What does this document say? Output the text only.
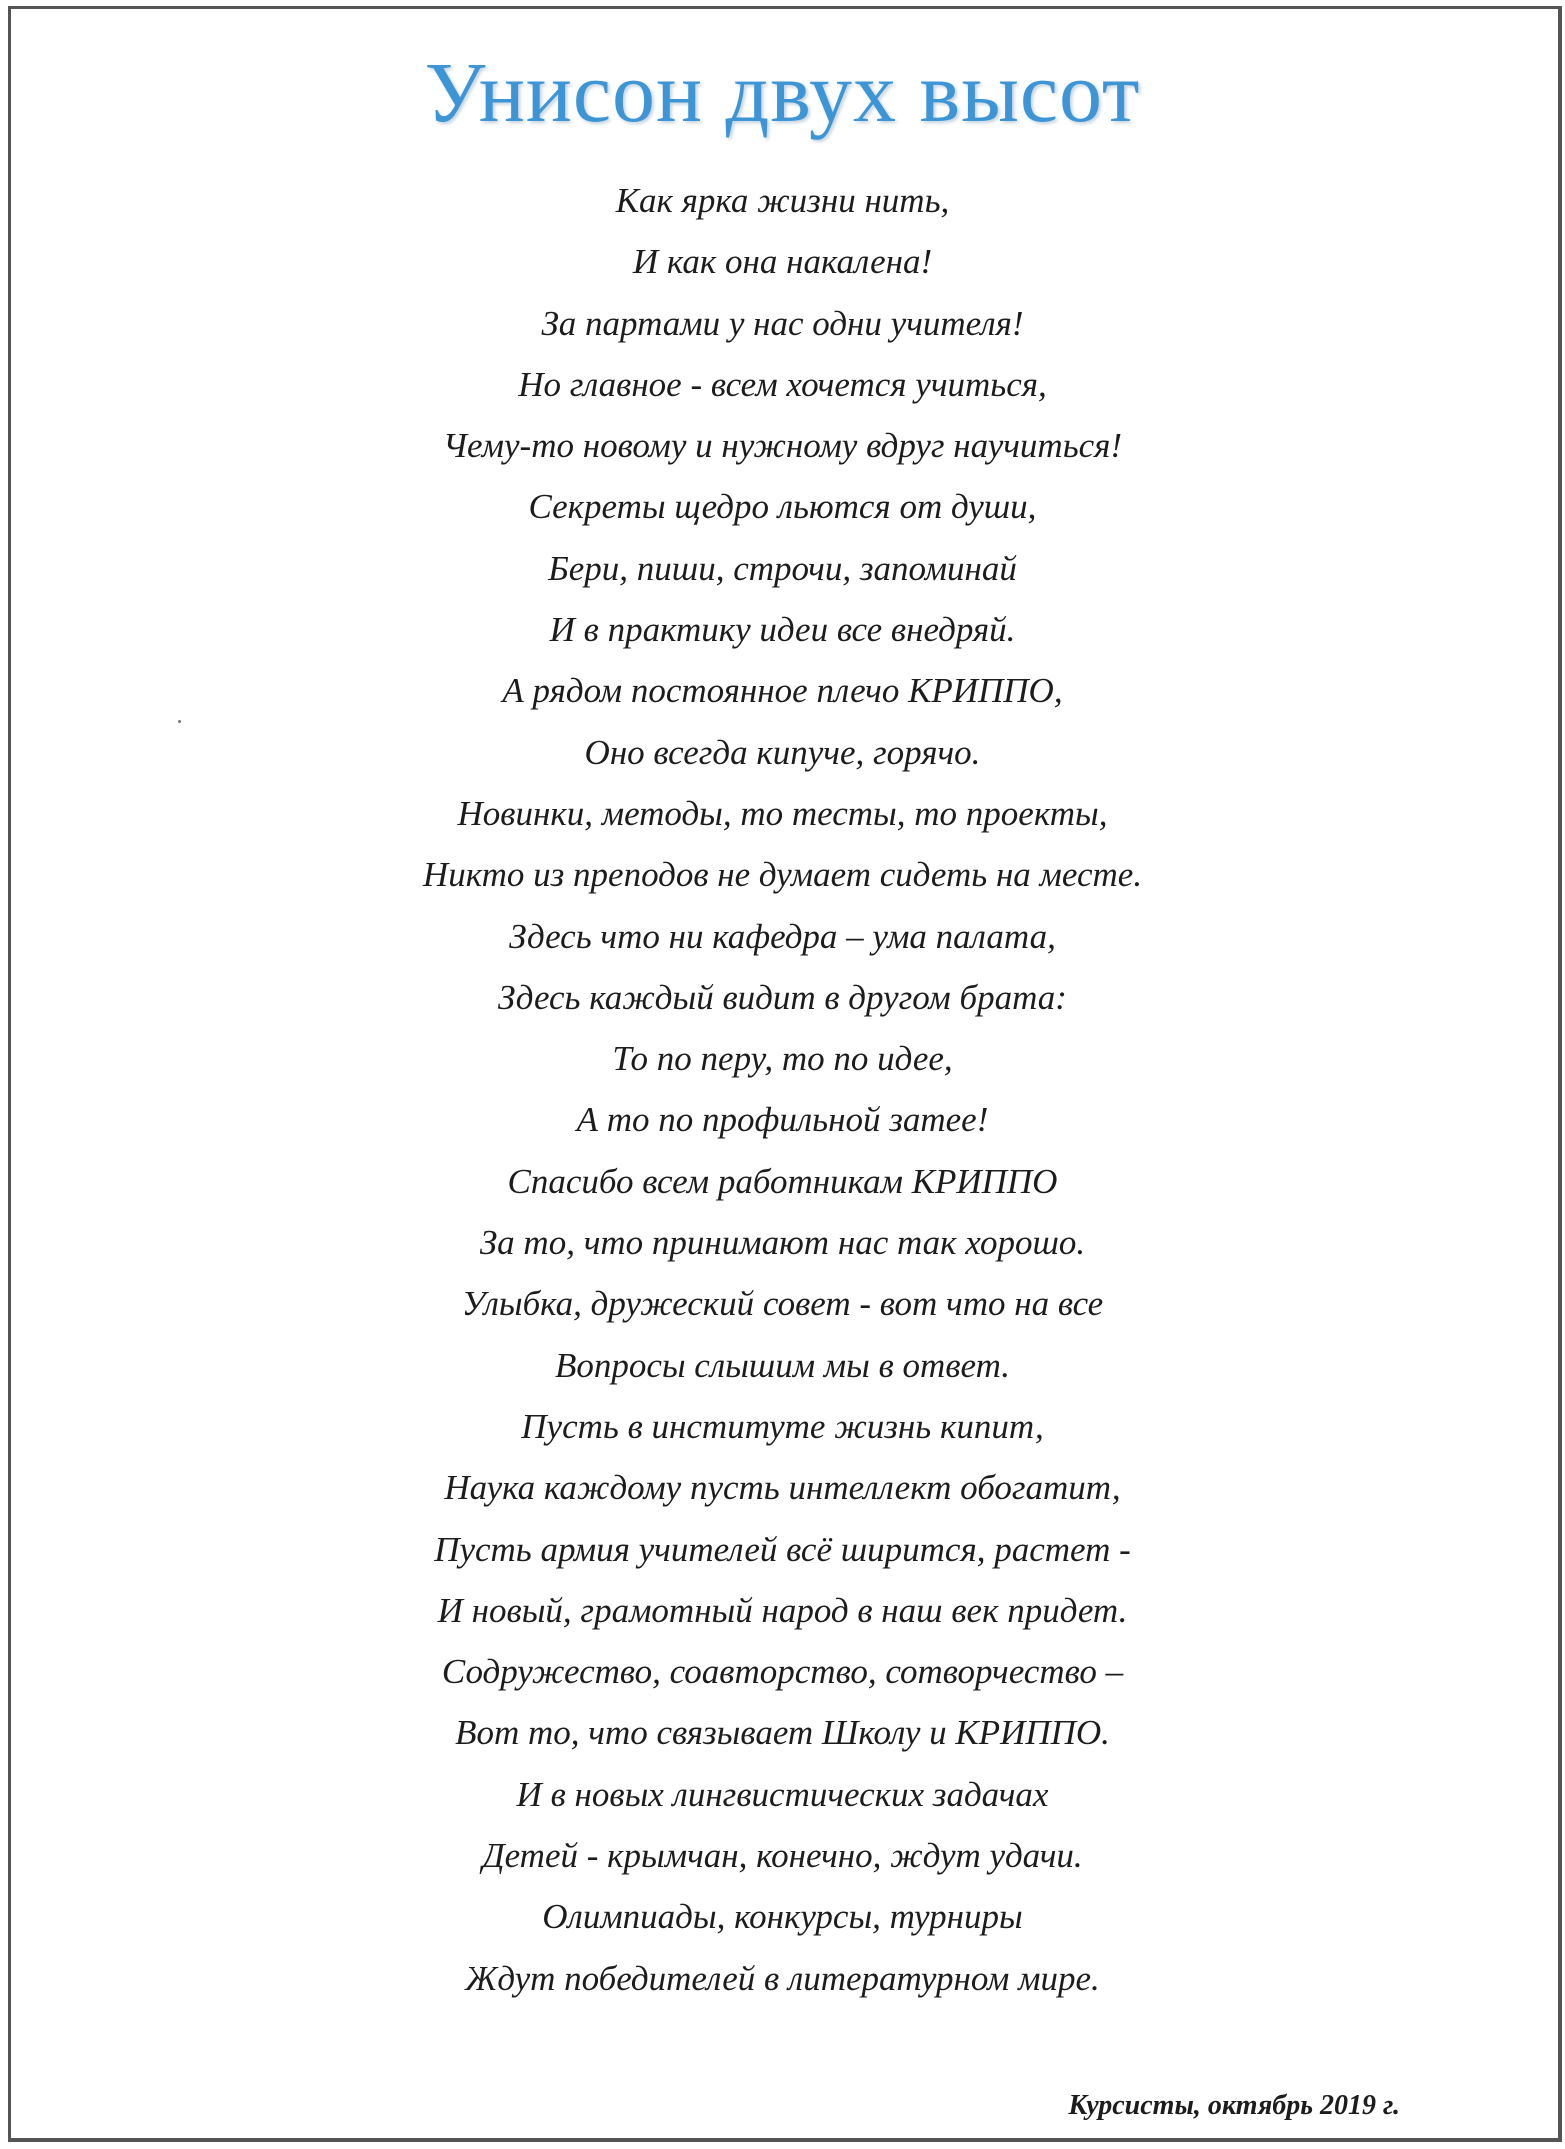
Унисон двух высот
Как ярка жизни нить,
И как она накалена!
За партами у нас одни учителя!
Но главное - всем хочется учиться,
Чему-то новому и нужному вдруг научиться!
Секреты щедро льются от души,
Бери, пиши, строчи, запоминай
И в практику идеи все внедряй.
А рядом постоянное плечо КРИППО,
Оно всегда кипуче, горячо.
Новинки, методы, то тесты, то проекты,
Никто из преподов не думает сидеть на месте.
Здесь что ни кафедра – ума палата,
Здесь каждый видит в другом брата:
То по перу, то по идее,
А то по профильной затее!
Спасибо всем работникам КРИППО
За то, что принимают нас так хорошо.
Улыбка, дружеский совет - вот что на все
Вопросы слышим мы в ответ.
Пусть в институте жизнь кипит,
Наука каждому пусть интеллект обогатит,
Пусть армия учителей всё ширится, растет -
И новый, грамотный народ в наш век придет.
Содружество, соавторство, сотворчество –
Вот то, что связывает Школу и КРИППО.
И в новых лингвистических задачах
Детей - крымчан, конечно, ждут удачи.
Олимпиады, конкурсы, турниры
Ждут победителей в литературном мире.
Курсисты, октябрь 2019 г.
